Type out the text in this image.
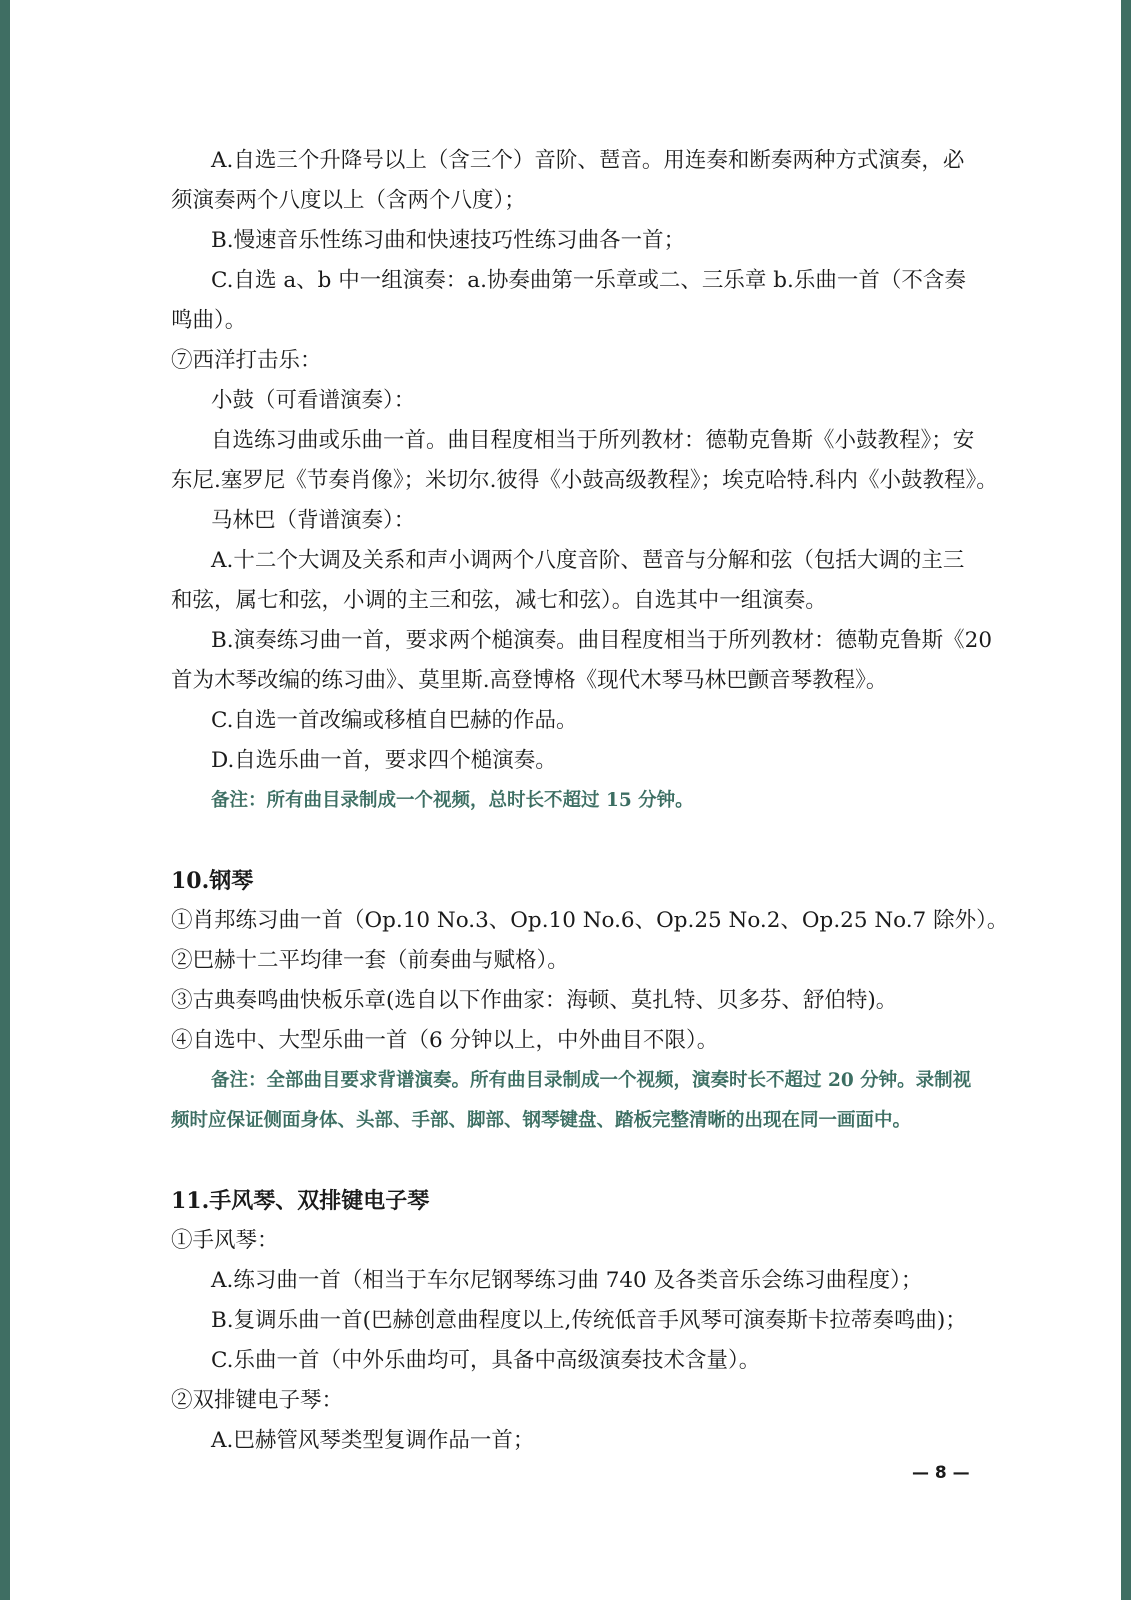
A.自选三个升降号以上（含三个）音阶、琶音。用连奏和断奏两种方式演奏，必
须演奏两个八度以上（含两个八度）；
B.慢速音乐性练习曲和快速技巧性练习曲各一首；
C.自选 a、b 中一组演奏：a.协奏曲第一乐章或二、三乐章 b.乐曲一首（不含奏
鸣曲）。
⑦西洋打击乐：
小鼓（可看谱演奏）：
自选练习曲或乐曲一首。曲目程度相当于所列教材：德勒克鲁斯《小鼓教程》；安
东尼.塞罗尼《节奏肖像》；米切尔.彼得《小鼓高级教程》；埃克哈特.科内《小鼓教程》。
马林巴（背谱演奏）：
A.十二个大调及关系和声小调两个八度音阶、琶音与分解和弦（包括大调的主三
和弦，属七和弦，小调的主三和弦，减七和弦）。自选其中一组演奏。
B.演奏练习曲一首，要求两个槌演奏。曲目程度相当于所列教材：德勒克鲁斯《20
首为木琴改编的练习曲》、莫里斯.高登博格《现代木琴马林巴颤音琴教程》。
C.自选一首改编或移植自巴赫的作品。
D.自选乐曲一首，要求四个槌演奏。
备注：所有曲目录制成一个视频，总时长不超过 15 分钟。
10.钢琴
①肖邦练习曲一首（Op.10 No.3、Op.10 No.6、Op.25 No.2、Op.25 No.7 除外）。
②巴赫十二平均律一套（前奏曲与赋格）。
③古典奏鸣曲快板乐章(选自以下作曲家：海顿、莫扎特、贝多芬、舒伯特)。
④自选中、大型乐曲一首（6 分钟以上，中外曲目不限）。
备注：全部曲目要求背谱演奏。所有曲目录制成一个视频，演奏时长不超过 20 分钟。录制视
频时应保证侧面身体、头部、手部、脚部、钢琴键盘、踏板完整清晰的出现在同一画面中。
11.手风琴、双排键电子琴
①手风琴：
A.练习曲一首（相当于车尔尼钢琴练习曲 740 及各类音乐会练习曲程度）；
B.复调乐曲一首(巴赫创意曲程度以上,传统低音手风琴可演奏斯卡拉蒂奏鸣曲)；
C.乐曲一首（中外乐曲均可，具备中高级演奏技术含量）。
②双排键电子琴：
A.巴赫管风琴类型复调作品一首；
— 8 —
